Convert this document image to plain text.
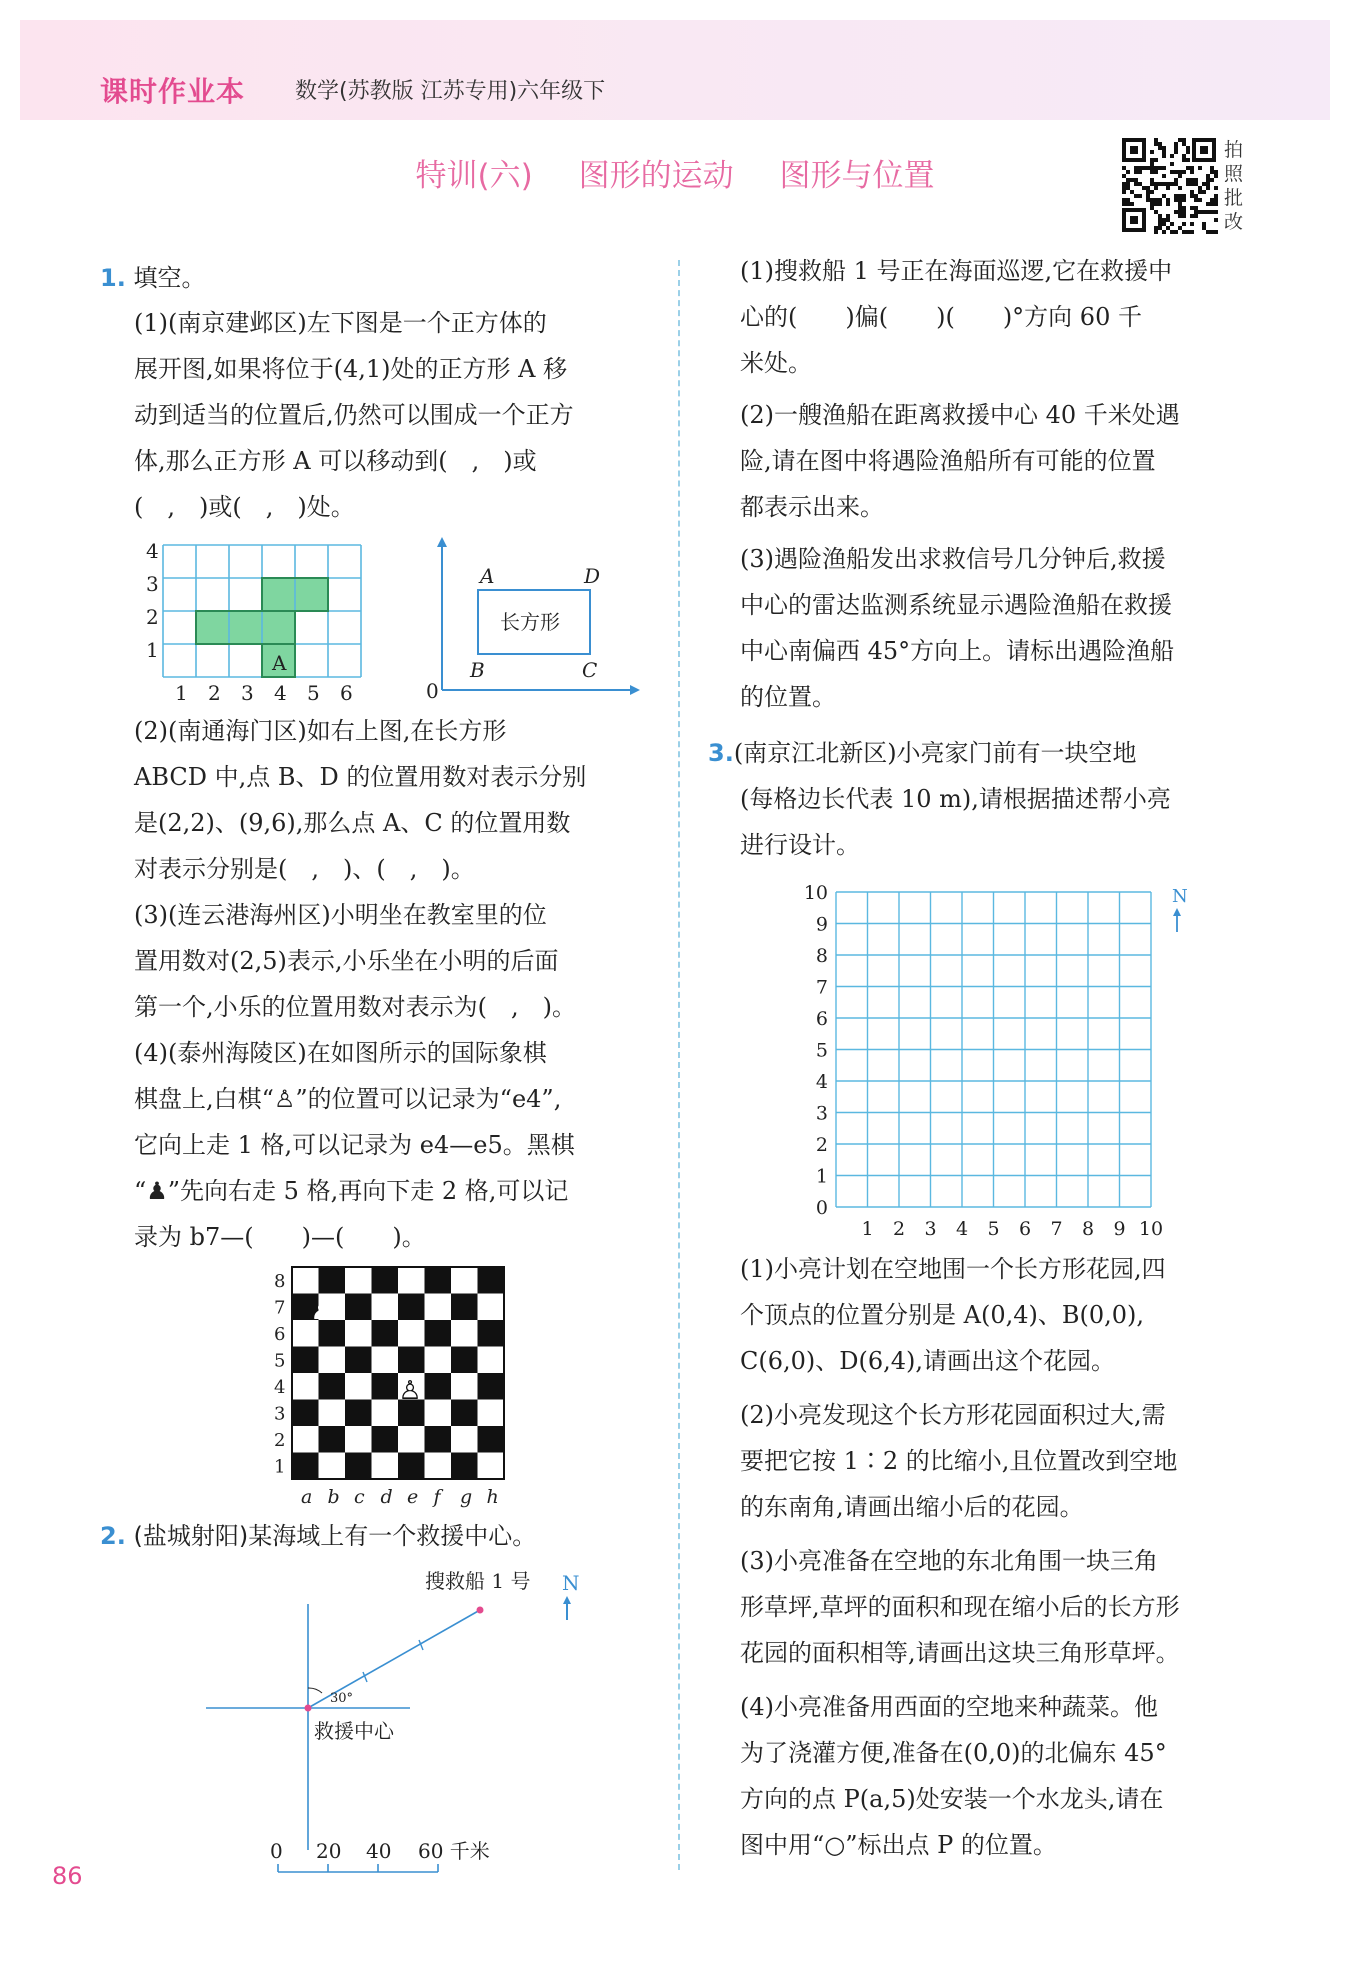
课时作业本 数学(苏教版 江苏专用)六年级下
特训(六) 图形的运动 图形与位置
拍
照
批
改
1. 填空。
(1)(南京建邺区)左下图是一个正方体的
展开图,如果将位于(4,1)处的正方形 A 移
动到适当的位置后,仍然可以围成一个正方
体,那么正方形 A 可以移动到(　,　)或
(　,　)或(　,　)处。
A
4
3
2
1
1 2 3 4 5 6
A	D
B	C
0
长方形
(2)(南通海门区)如右上图,在长方形
ABCD 中,点 B、D 的位置用数对表示分别
是(2,2)、(9,6),那么点 A、C 的位置用数
对表示分别是(　,　)、(　,　)。
(3)(连云港海州区)小明坐在教室里的位
置用数对(2,5)表示,小乐坐在小明的后面
第一个,小乐的位置用数对表示为(　,　)。
(4)(泰州海陵区)在如图所示的国际象棋
棋盘上,白棋“♙”的位置可以记录为“e4”,
它向上走 1 格,可以记录为 e4—e5。黑棋
“♟”先向右走 5 格,再向下走 2 格,可以记
录为 b7—(　　)—(　　)。
8
7
6
5
4
3
2
1
a b c d e f g h
♟
♞
♙
♙
2. (盐城射阳)某海域上有一个救援中心。
搜救船 1 号 N
30°
救援中心
0 20 40 60 千米
(1)搜救船 1 号正在海面巡逻,它在救援中
心的(　　)偏(　　)(　　)°方向 60 千
米处。
(2)一艘渔船在距离救援中心 40 千米处遇
险,请在图中将遇险渔船所有可能的位置
都表示出来。
(3)遇险渔船发出求救信号几分钟后,救援
中心的雷达监测系统显示遇险渔船在救援
中心南偏西 45°方向上。请标出遇险渔船
的位置。
3.(南京江北新区)小亮家门前有一块空地
(每格边长代表 10 m),请根据描述帮小亮
进行设计。
10
9
8
7
6
5
4
3
2
1
0
1 2 3 4 5 6 7 8 9 10
N
(1)小亮计划在空地围一个长方形花园,四
个顶点的位置分别是 A(0,4)、B(0,0),
C(6,0)、D(6,4),请画出这个花园。
(2)小亮发现这个长方形花园面积过大,需
要把它按 1∶2 的比缩小,且位置改到空地
的东南角,请画出缩小后的花园。
(3)小亮准备在空地的东北角围一块三角
形草坪,草坪的面积和现在缩小后的长方形
花园的面积相等,请画出这块三角形草坪。
(4)小亮准备用西面的空地来种蔬菜。他
为了浇灌方便,准备在(0,0)的北偏东 45°
方向的点 P(a,5)处安装一个水龙头,请在
图中用“○”标出点 P 的位置。
86
